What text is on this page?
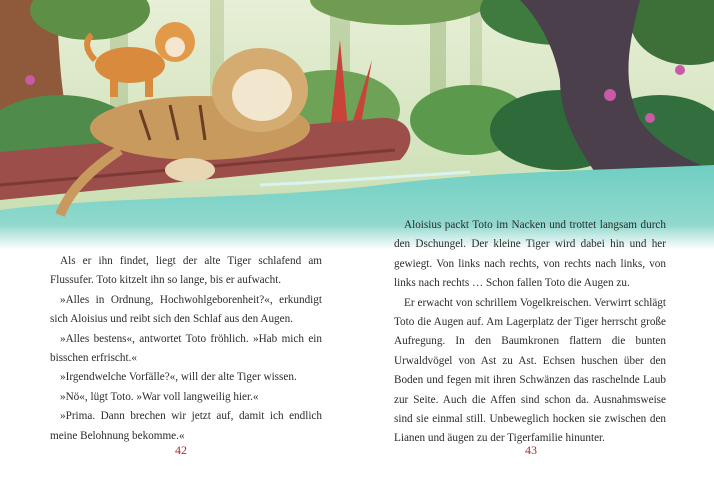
Als er ihn findet, liegt der alte Tiger schlafend am Flussufer. Toto kitzelt ihn so lange, bis er aufwacht.

»Alles in Ordnung, Hochwohlgeborenheit?«, erkundigt sich Aloisius und reibt sich den Schlaf aus den Augen.

»Alles bestens«, antwortet Toto fröhlich. »Hab mich ein bisschen erfrischt.«

»Irgendwelche Vorfälle?«, will der alte Tiger wissen.

»Nö«, lügt Toto. »War voll langweilig hier.«

»Prima. Dann brechen wir jetzt auf, damit ich endlich meine Belohnung bekomme.«

Aloisius packt Toto im Nacken und trottet langsam durch den Dschungel. Der kleine Tiger wird dabei hin und her gewiegt. Von links nach rechts, von rechts nach links, von links nach rechts … Schon fallen Toto die Augen zu.

Er erwacht von schrillem Vogelkreischen. Verwirrt schlägt Toto die Augen auf. Am Lagerplatz der Tiger herrscht große Aufregung. In den Baumkronen flattern die bunten Urwaldvögel von Ast zu Ast. Echsen huschen über den Boden und fegen mit ihren Schwänzen das raschelnde Laub zur Seite. Auch die Affen sind schon da. Ausnahmsweise sind sie einmal still. Unbeweglich hocken sie zwischen den Lianen und äugen zu der Tigerfamilie hinunter.

42	43
